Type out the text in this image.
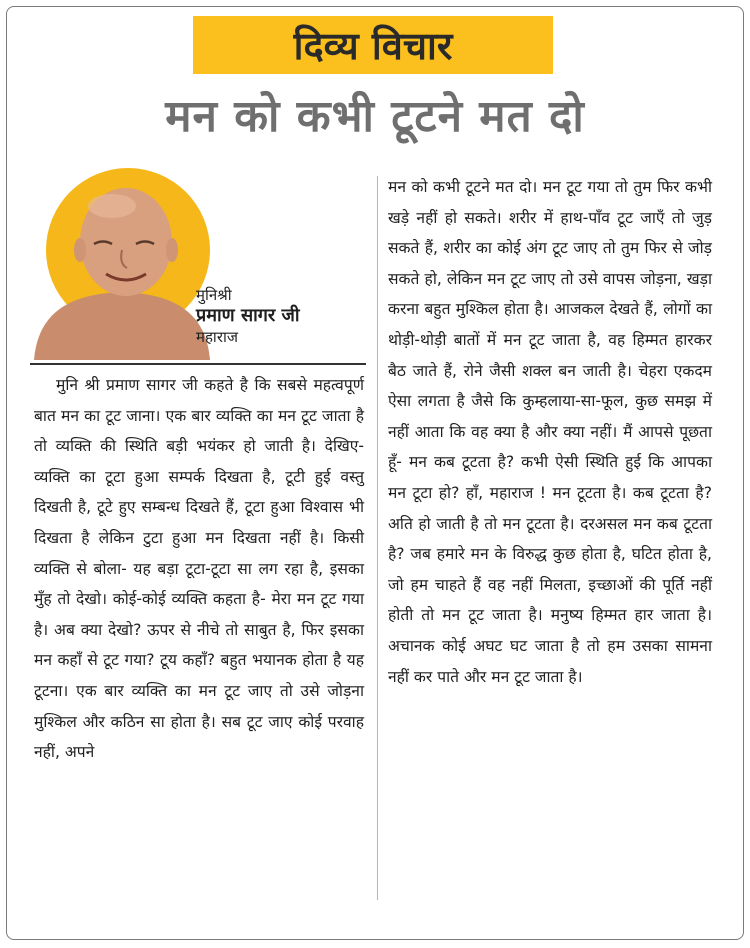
दिव्य विचार
मन को कभी टूटने मत दो
मुनिश्री
प्रमाण सागर जी
महाराज
मुनि श्री प्रमाण सागर जी कहते है कि सबसे महत्वपूर्ण बात मन का टूट जाना। एक बार व्यक्ति का मन टूट जाता है तो व्यक्ति की स्थिति बड़ी भयंकर हो जाती है। देखिए- व्यक्ति का टूटा हुआ सम्पर्क दिखता है, टूटी हुई वस्तु दिखती है, टूटे हुए सम्बन्ध दिखते हैं, टूटा हुआ विश्वास भी दिखता है लेकिन टुटा हुआ मन दिखता नहीं है। किसी व्यक्ति से बोला- यह बड़ा टूटा-टूटा सा लग रहा है, इसका मुँह तो देखो। कोई-कोई व्यक्ति कहता है- मेरा मन टूट गया है। अब क्या देखो? ऊपर से नीचे तो साबुत है, फिर इसका मन कहाँ से टूट गया? टूय कहाँ? बहुत भयानक होता है यह टूटना। एक बार व्यक्ति का मन टूट जाए तो उसे जोड़ना मुश्किल और कठिन सा होता है। सब टूट जाए कोई परवाह नहीं, अपने
मन को कभी टूटने मत दो। मन टूट गया तो तुम फिर कभी खड़े नहीं हो सकते। शरीर में हाथ-पाँव टूट जाएँ तो जुड़ सकते हैं, शरीर का कोई अंग टूट जाए तो तुम फिर से जोड़ सकते हो, लेकिन मन टूट जाए तो उसे वापस जोड़ना, खड़ा करना बहुत मुश्किल होता है। आजकल देखते हैं, लोगों का थोड़ी-थोड़ी बातों में मन टूट जाता है, वह हिम्मत हारकर बैठ जाते हैं, रोने जैसी शक्ल बन जाती है। चेहरा एकदम ऐसा लगता है जैसे कि कुम्हलाया-सा-फूल, कुछ समझ में नहीं आता कि वह क्या है और क्या नहीं। मैं आपसे पूछता हूँ- मन कब टूटता है? कभी ऐसी स्थिति हुई कि आपका मन टूटा हो? हाँ, महाराज ! मन टूटता है। कब टूटता है? अति हो जाती है तो मन टूटता है। दरअसल मन कब टूटता है? जब हमारे मन के विरुद्ध कुछ होता है, घटित होता है, जो हम चाहते हैं वह नहीं मिलता, इच्छाओं की पूर्ति नहीं होती तो मन टूट जाता है। मनुष्य हिम्मत हार जाता है। अचानक कोई अघट घट जाता है तो हम उसका सामना नहीं कर पाते और मन टूट जाता है।
